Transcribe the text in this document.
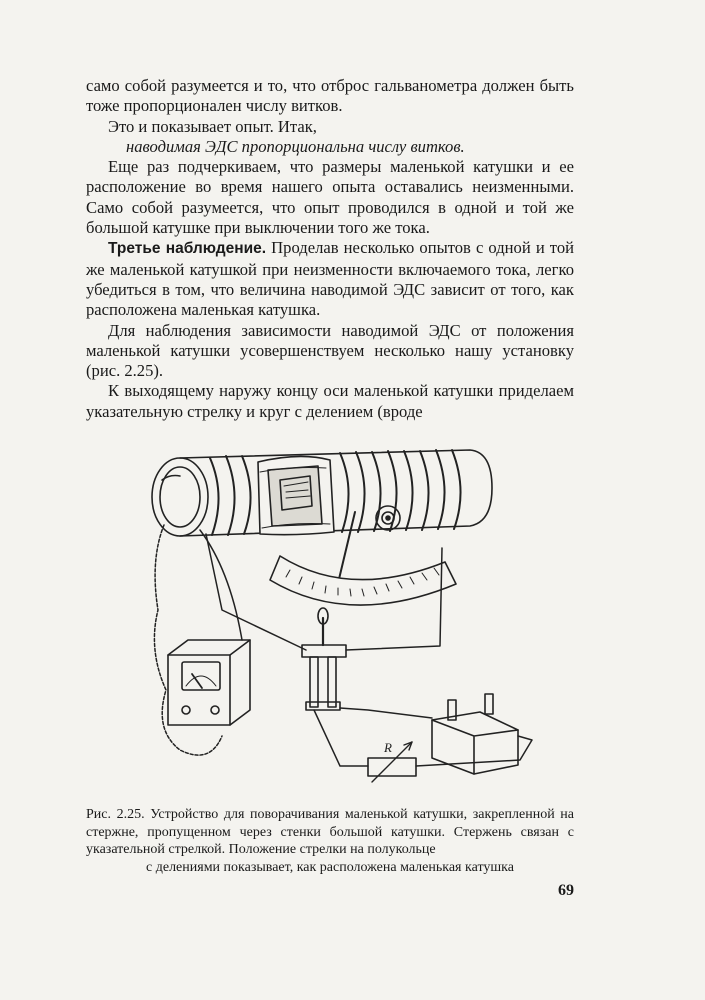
само собой разумеется и то, что отброс гальванометра должен быть тоже пропорционален числу витков.

Это и показывает опыт. Итак,

наводимая ЭДС пропорциональна числу витков.

Еще раз подчеркиваем, что размеры маленькой катушки и ее расположение во время нашего опыта оставались неизменными. Само собой разумеется, что опыт проводился в одной и той же большой катушке при выключении того же тока.

Третье наблюдение. Проделав несколько опытов с одной и той же маленькой катушкой при неизменности включаемого тока, легко убедиться в том, что величина наводимой ЭДС зависит от того, как расположена маленькая катушка.

Для наблюдения зависимости наводимой ЭДС от положения маленькой катушки усовершенствуем несколько нашу установку (рис. 2.25).

К выходящему наружу концу оси маленькой катушки приделаем указательную стрелку и круг с делением (вроде

R

Рис. 2.25. Устройство для поворачивания маленькой катушки, закрепленной на стержне, пропущенном через стенки большой катушки. Стержень связан с указательной стрелкой. Положение стрелки на полукольце

с делениями показывает, как расположена маленькая катушка

69
